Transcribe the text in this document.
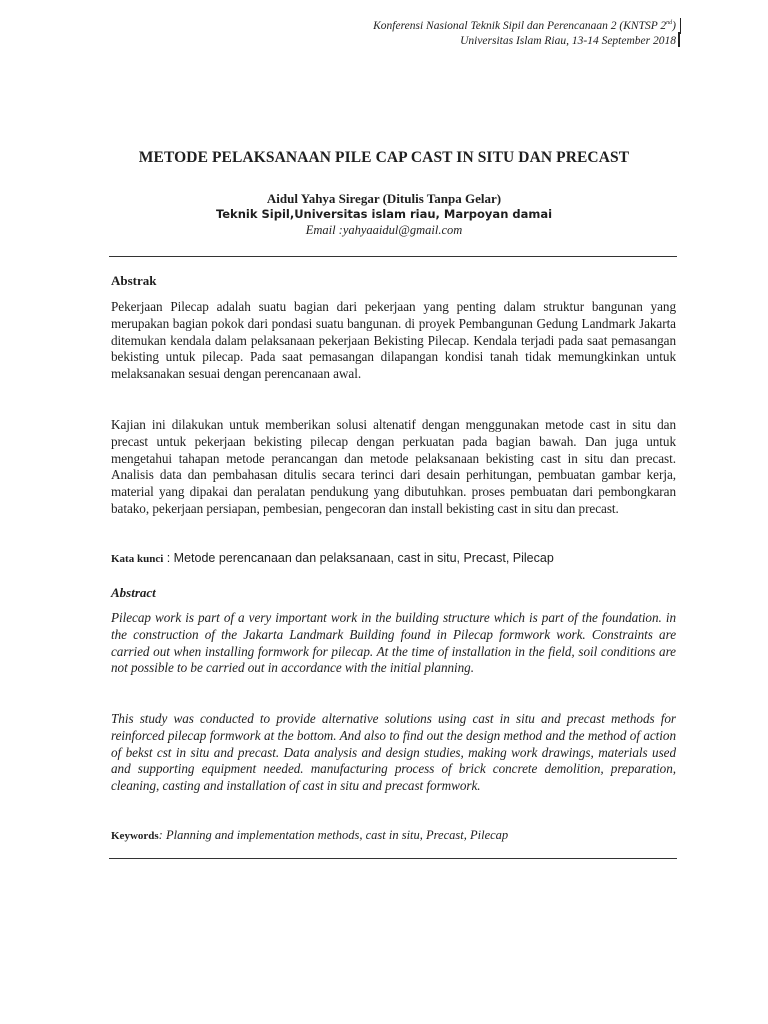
Konferensi Nasional Teknik Sipil dan Perencanaan 2 (KNTSP 2nd)
Universitas Islam Riau, 13-14 September 2018
METODE PELAKSANAAN PILE CAP CAST IN SITU DAN PRECAST
Aidul Yahya Siregar (Ditulis Tanpa Gelar)
Teknik Sipil,Universitas islam riau, Marpoyan damai
Email :yahyaaidul@gmail.com
Abstrak
Pekerjaan Pilecap adalah suatu bagian dari pekerjaan yang penting dalam struktur bangunan yang merupakan bagian pokok dari pondasi suatu bangunan. di proyek Pembangunan Gedung Landmark Jakarta ditemukan kendala dalam pelaksanaan pekerjaan Bekisting Pilecap. Kendala terjadi pada saat pemasangan bekisting untuk pilecap. Pada saat pemasangan dilapangan kondisi tanah tidak memungkinkan untuk melaksanakan sesuai dengan perencanaan awal.
Kajian ini dilakukan untuk memberikan solusi altenatif dengan menggunakan metode cast in situ dan precast untuk pekerjaan bekisting pilecap dengan perkuatan pada bagian bawah. Dan juga untuk mengetahui tahapan metode perancangan dan metode pelaksanaan bekisting cast in situ dan precast. Analisis data dan pembahasan ditulis secara terinci dari desain perhitungan, pembuatan gambar kerja, material yang dipakai dan peralatan pendukung yang dibutuhkan. proses pembuatan dari pembongkaran batako, pekerjaan persiapan, pembesian, pengecoran dan install bekisting cast in situ dan precast.
Kata kunci : Metode perencanaan dan pelaksanaan, cast in situ, Precast, Pilecap
Abstract
Pilecap work is part of a very important work in the building structure which is part of the foundation. in the construction of the Jakarta Landmark Building found in Pilecap formwork work. Constraints are carried out when installing formwork for pilecap. At the time of installation in the field, soil conditions are not possible to be carried out in accordance with the initial planning.
This study was conducted to provide alternative solutions using cast in situ and precast methods for reinforced pilecap formwork at the bottom. And also to find out the design method and the method of action of bekst cst in situ and precast. Data analysis and design studies, making work drawings, materials used and supporting equipment needed. manufacturing process of brick concrete demolition, preparation, cleaning, casting and installation of cast in situ and precast formwork.
Keywords: Planning and implementation methods, cast in situ, Precast, Pilecap
